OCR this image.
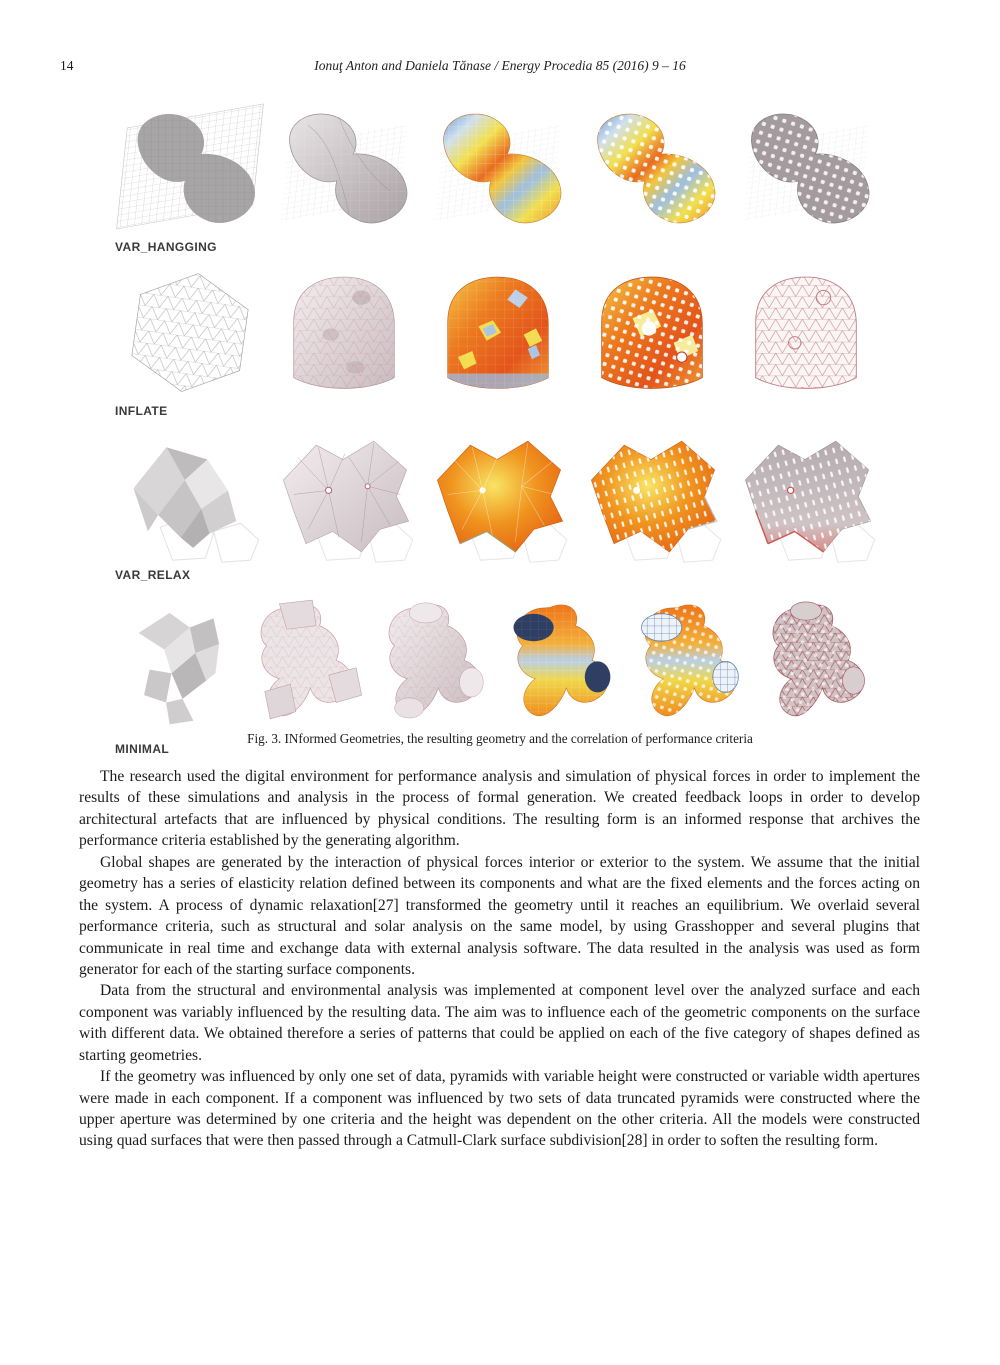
14	Ionuţ Anton and Daniela Tănase / Energy Procedia 85 (2016) 9 – 16
VAR_HANGGING
INFLATE
VAR_RELAX
MINIMAL
Fig. 3. INformed Geometries, the resulting geometry and the correlation of performance criteria

The research used the digital environment for performance analysis and simulation of physical forces in order to implement the results of these simulations and analysis in the process of formal generation. We created feedback loops in order to develop architectural artefacts that are influenced by physical conditions. The resulting form is an informed response that archives the performance criteria established by the generating algorithm.

Global shapes are generated by the interaction of physical forces interior or exterior to the system. We assume that the initial geometry has a series of elasticity relation defined between its components and what are the fixed elements and the forces acting on the system. A process of dynamic relaxation[27] transformed the geometry until it reaches an equilibrium. We overlaid several performance criteria, such as structural and solar analysis on the same model, by using Grasshopper and several plugins that communicate in real time and exchange data with external analysis software. The data resulted in the analysis was used as form generator for each of the starting surface components.

Data from the structural and environmental analysis was implemented at component level over the analyzed surface and each component was variably influenced by the resulting data. The aim was to influence each of the geometric components on the surface with different data. We obtained therefore a series of patterns that could be applied on each of the five category of shapes defined as starting geometries.

If the geometry was influenced by only one set of data, pyramids with variable height were constructed or variable width apertures were made in each component. If a component was influenced by two sets of data truncated pyramids were constructed where the upper aperture was determined by one criteria and the height was dependent on the other criteria. All the models were constructed using quad surfaces that were then passed through a Catmull-Clark surface subdivision[28] in order to soften the resulting form.
